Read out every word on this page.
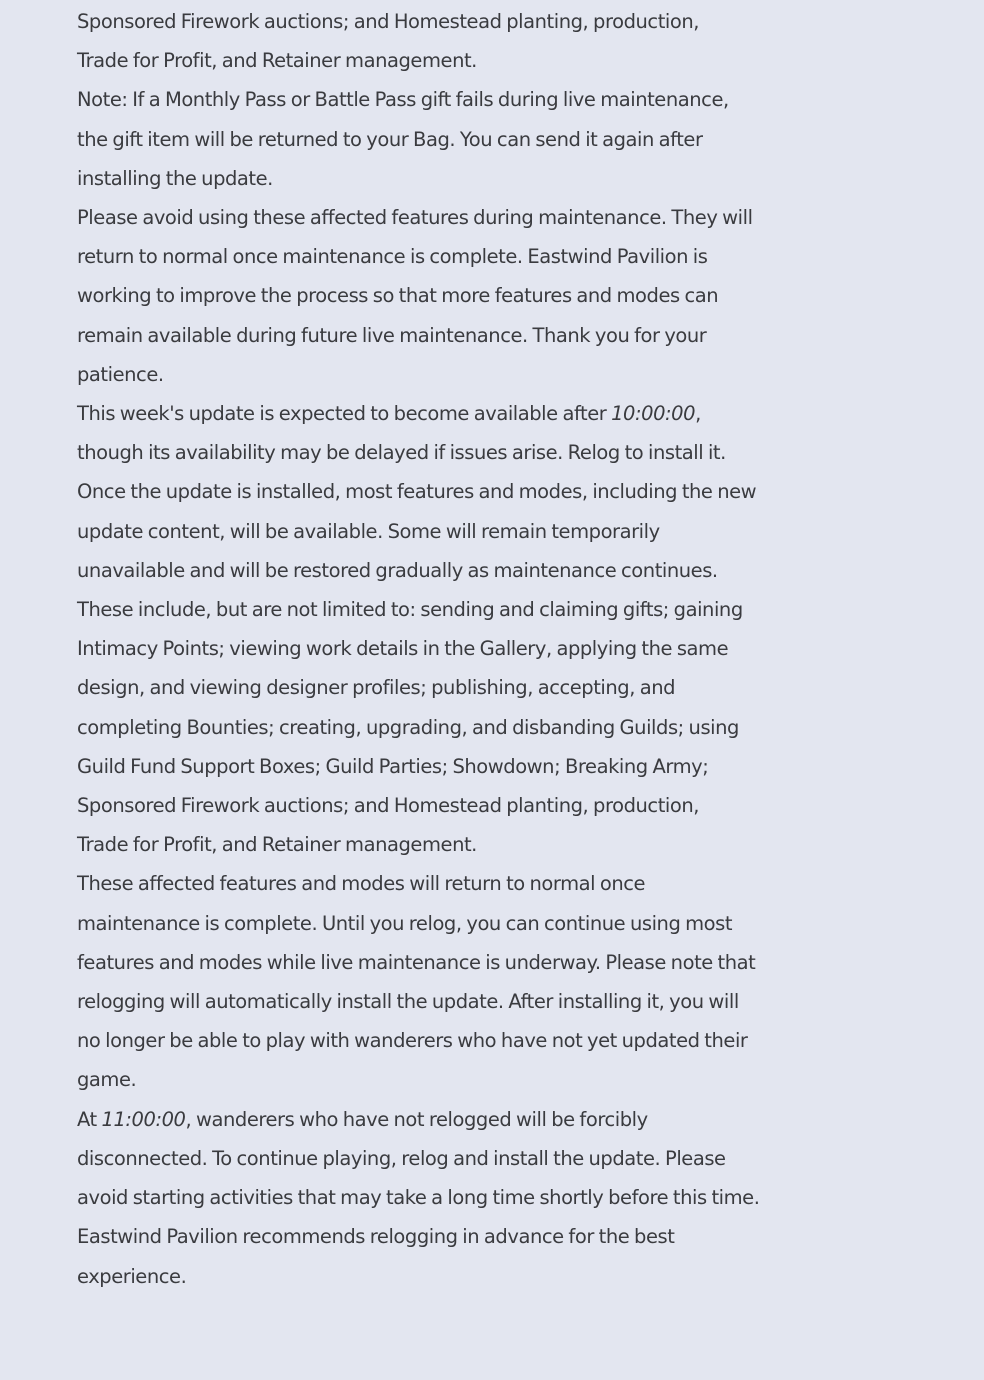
Sponsored Firework auctions; and Homestead planting, production,
Trade for Profit, and Retainer management.

Note: If a Monthly Pass or Battle Pass gift fails during live maintenance,
the gift item will be returned to your Bag. You can send it again after
installing the update.

Please avoid using these affected features during maintenance. They will
return to normal once maintenance is complete. Eastwind Pavilion is
working to improve the process so that more features and modes can
remain available during future live maintenance. Thank you for your
patience.

This week's update is expected to become available after 10:00:00,
though its availability may be delayed if issues arise. Relog to install it.
Once the update is installed, most features and modes, including the new
update content, will be available. Some will remain temporarily
unavailable and will be restored gradually as maintenance continues.

These include, but are not limited to: sending and claiming gifts; gaining
Intimacy Points; viewing work details in the Gallery, applying the same
design, and viewing designer profiles; publishing, accepting, and
completing Bounties; creating, upgrading, and disbanding Guilds; using
Guild Fund Support Boxes; Guild Parties; Showdown; Breaking Army;
Sponsored Firework auctions; and Homestead planting, production,
Trade for Profit, and Retainer management.

These affected features and modes will return to normal once
maintenance is complete. Until you relog, you can continue using most
features and modes while live maintenance is underway. Please note that
relogging will automatically install the update. After installing it, you will
no longer be able to play with wanderers who have not yet updated their
game.

At 11:00:00, wanderers who have not relogged will be forcibly
disconnected. To continue playing, relog and install the update. Please
avoid starting activities that may take a long time shortly before this time.
Eastwind Pavilion recommends relogging in advance for the best
experience.
